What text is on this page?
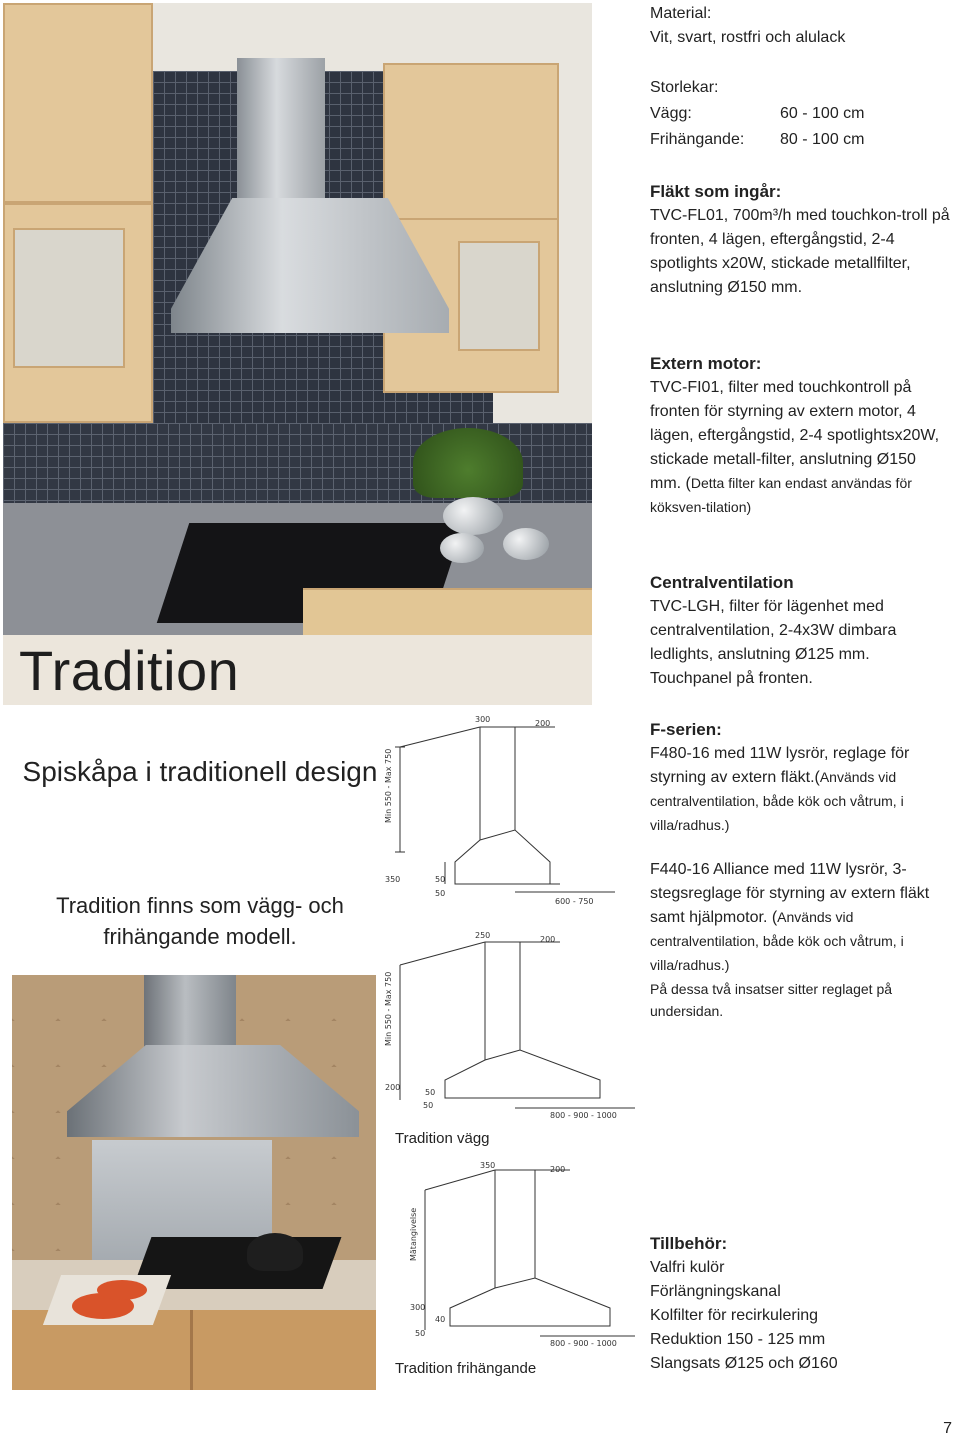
Tradition
Spiskåpa i traditionell design
Tradition finns som vägg- och frihängande modell.

Material:

Vit, svart, rostfri och alulack

Storlekar:

Vägg:	60 - 100 cm
Frihängande:	80 - 100 cm

Fläkt som ingår:

TVC-FL01, 700m³/h med touchkon-troll på fronten, 4 lägen, eftergångstid, 2-4 spotlights x20W, stickade metallfilter, anslutning Ø150 mm.

Extern motor:

TVC-FI01, filter med touchkontroll på fronten för styrning av extern motor, 4 lägen, eftergångstid, 2-4 spotlightsx20W, stickade metall-filter, anslutning Ø150 mm. (Detta filter kan endast användas för köksven-tilation)

Centralventilation

TVC-LGH, filter för lägenhet med centralventilation, 2-4x3W dimbara ledlights, anslutning Ø125 mm. Touchpanel på fronten.

F-serien:

F480-16 med 11W lysrör, reglage för styrning av extern fläkt.(Används vid centralventilation, både kök och våtrum, i villa/radhus.)

F440-16 Alliance med 11W lysrör, 3-stegsreglage för styrning av extern fläkt samt hjälpmotor. (Används vid centralventilation, både kök och våtrum, i villa/radhus.)

På dessa två insatser sitter reglaget på undersidan.

Tillbehör:

Valfri kulör

Förlängningskanal

Kolfilter för recirkulering

Reduktion 150 - 125 mm

Slangsats Ø125 och Ø160

300	200
Min 550 - Max 750
350	50
50
600 - 750
250	200
Min 550 - Max 750
200
50
50
800 - 900 - 1000
Tradition vägg
350	200
Mätangivelse
300
40
50
800 - 900 - 1000
Tradition frihängande
7
